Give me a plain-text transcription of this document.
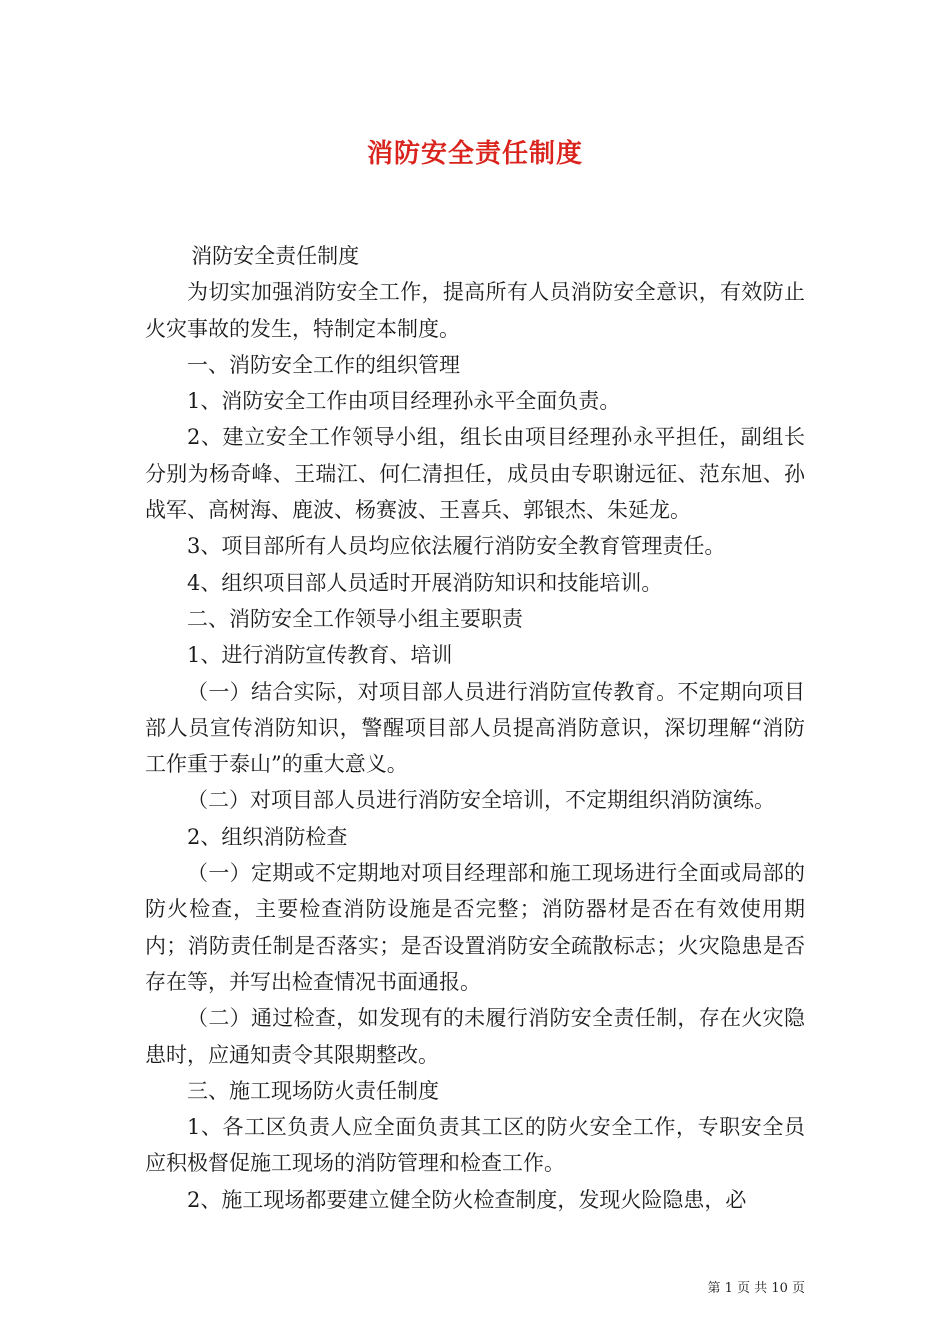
消防安全责任制度

消防安全责任制度

为切实加强消防安全工作，提高所有人员消防安全意识，有效防止火灾事故的发生，特制定本制度。

一、消防安全工作的组织管理

1、消防安全工作由项目经理孙永平全面负责。

2、建立安全工作领导小组，组长由项目经理孙永平担任，副组长分别为杨奇峰、王瑞江、何仁清担任，成员由专职谢远征、范东旭、孙战军、高树海、鹿波、杨赛波、王喜兵、郭银杰、朱延龙。

3、项目部所有人员均应依法履行消防安全教育管理责任。

4、组织项目部人员适时开展消防知识和技能培训。

二、消防安全工作领导小组主要职责

1、进行消防宣传教育、培训

（一）结合实际，对项目部人员进行消防宣传教育。不定期向项目部人员宣传消防知识，警醒项目部人员提高消防意识，深切理解“消防工作重于泰山”的重大意义。

（二）对项目部人员进行消防安全培训，不定期组织消防演练。

2、组织消防检查

（一）定期或不定期地对项目经理部和施工现场进行全面或局部的防火检查，主要检查消防设施是否完整；消防器材是否在有效使用期内；消防责任制是否落实；是否设置消防安全疏散标志；火灾隐患是否存在等，并写出检查情况书面通报。

（二）通过检查，如发现有的未履行消防安全责任制，存在火灾隐患时，应通知责令其限期整改。

三、施工现场防火责任制度

1、各工区负责人应全面负责其工区的防火安全工作，专职安全员应积极督促施工现场的消防管理和检查工作。

2、施工现场都要建立健全防火检查制度，发现火险隐患，必

第 1 页 共 10 页
